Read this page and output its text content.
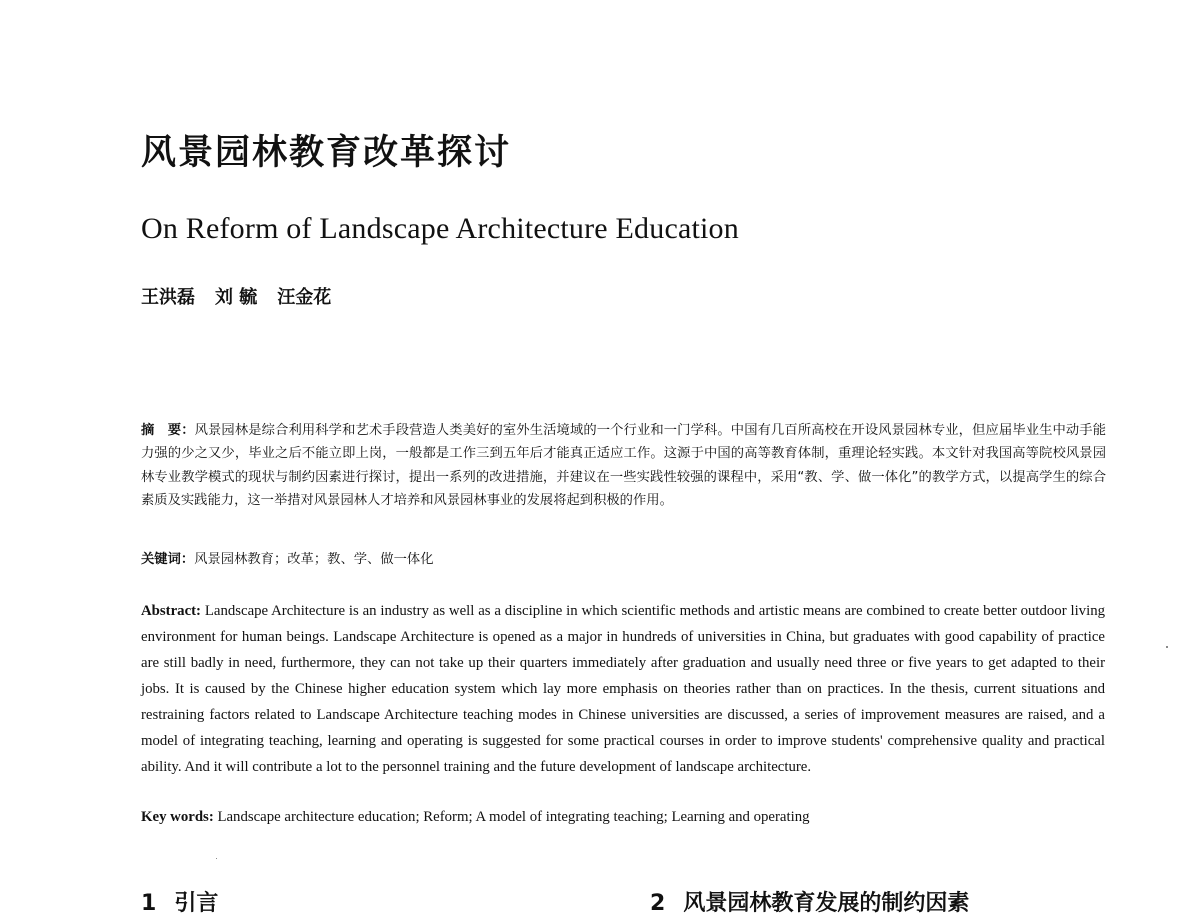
风景园林教育改革探讨
On Reform of Landscape Architecture Education
王洪磊 刘 毓 汪金花
摘　要：风景园林是综合利用科学和艺术手段营造人类美好的室外生活境域的一个行业和一门学科。中国有几百所高校在开设风景园林专业，但应届毕业生中动手能力强的少之又少，毕业之后不能立即上岗，一般都是工作三到五年后才能真正适应工作。这源于中国的高等教育体制，重理论轻实践。本文针对我国高等院校风景园林专业教学模式的现状与制约因素进行探讨，提出一系列的改进措施，并建议在一些实践性较强的课程中，采用“教、学、做一体化”的教学方式，以提高学生的综合素质及实践能力，这一举措对风景园林人才培养和风景园林事业的发展将起到积极的作用。
关键词：风景园林教育；改革；教、学、做一体化
Abstract: Landscape Architecture is an industry as well as a discipline in which scientific methods and artistic means are combined to create better outdoor living environment for human beings. Landscape Architecture is opened as a major in hundreds of universities in China, but graduates with good capability of practice are still badly in need, furthermore, they can not take up their quarters immediately after graduation and usually need three or five years to get adapted to their jobs. It is caused by the Chinese higher education system which lay more emphasis on theories rather than on practices. In the thesis, current situations and restraining factors related to Landscape Architecture teaching modes in Chinese universities are discussed, a series of improvement measures are raised, and a model of integrating teaching, learning and operating is suggested for some practical courses in order to improve students' comprehensive quality and practical ability. And it will contribute a lot to the personnel training and the future development of landscape architecture.
Key words: Landscape architecture education; Reform; A model of integrating teaching; Learning and operating
1 引言	2 风景园林教育发展的制约因素
